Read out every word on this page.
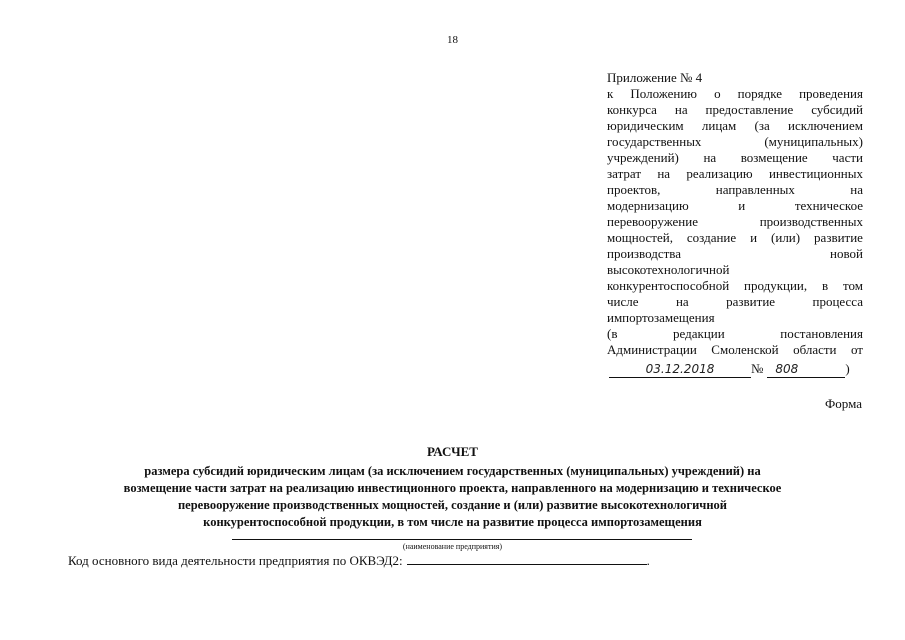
18
Приложение № 4
к Положению о порядке проведения
конкурса на предоставление субсидий
юридическим лицам (за исключением
государственных	(муниципальных)
учреждений) на возмещение части
затрат на реализацию инвестиционных
проектов,	направленных	на
модернизацию	и	техническое
перевооружение	производственных
мощностей, создание и (или) развитие
производства	новой
высокотехнологичной
конкурентоспособной продукции, в том
числе	на	развитие	процесса
импортозамещения
(в	редакции	постановления
Администрации Смоленской области от
03.12.2018	№	808	)
Форма
РАСЧЕТ
размера субсидий юридическим лицам (за исключением государственных (муниципальных) учреждений) на
возмещение части затрат на реализацию инвестиционного проекта, направленного на модернизацию и техническое
перевооружение производственных мощностей, создание и (или) развитие высокотехнологичной
конкурентоспособной продукции, в том числе на развитие процесса импортозамещения
(наименование предприятия)
Код основного вида деятельности предприятия по ОКВЭД2:	.
